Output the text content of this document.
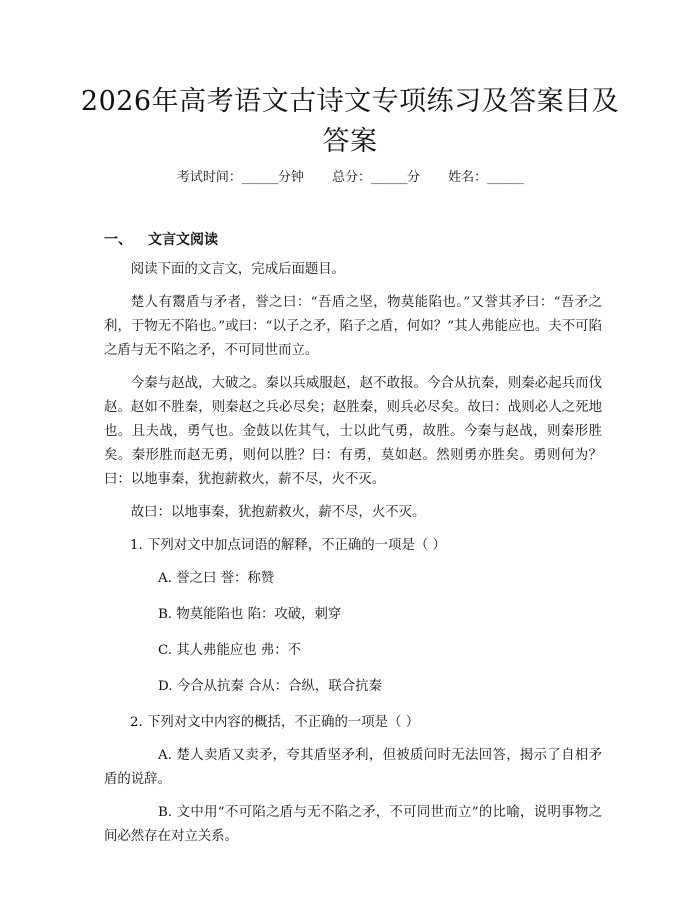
2026年高考语文古诗文专项练习及答案目及答案
考试时间：______分钟 总分：______分 姓名：______
一、 文言文阅读

阅读下面的文言文，完成后面题目。

楚人有鬻盾与矛者，誉之曰：“吾盾之坚，物莫能陷也。”又誉其矛曰：“吾矛之利，于物无不陷也。”或曰：“以子之矛，陷子之盾，何如？”其人弗能应也。夫不可陷之盾与无不陷之矛，不可同世而立。

今秦与赵战，大破之。秦以兵威服赵，赵不敢报。今合从抗秦，则秦必起兵而伐赵。赵如不胜秦，则秦赵之兵必尽矣；赵胜秦，则兵必尽矣。故曰：战则必人之死地也。且夫战，勇气也。金鼓以佐其气，士以此气勇，故胜。今秦与赵战，则秦形胜矣。秦形胜而赵无勇，则何以胜？曰：有勇，莫如赵。然则勇亦胜矣。勇则何为？曰：以地事秦，犹抱薪救火，薪不尽，火不灭。

故曰：以地事秦，犹抱薪救火，薪不尽，火不灭。

1. 下列对文中加点词语的解释，不正确的一项是（ ）

A. 誉之曰 誉：称赞

B. 物莫能陷也 陷：攻破，刺穿

C. 其人弗能应也 弗：不

D. 今合从抗秦 合从：合纵，联合抗秦

2. 下列对文中内容的概括，不正确的一项是（ ）

A. 楚人卖盾又卖矛，夸其盾坚矛利，但被质问时无法回答，揭示了自相矛盾的说辞。

B. 文中用“不可陷之盾与无不陷之矛，不可同世而立”的比喻，说明事物之间必然存在对立关系。
